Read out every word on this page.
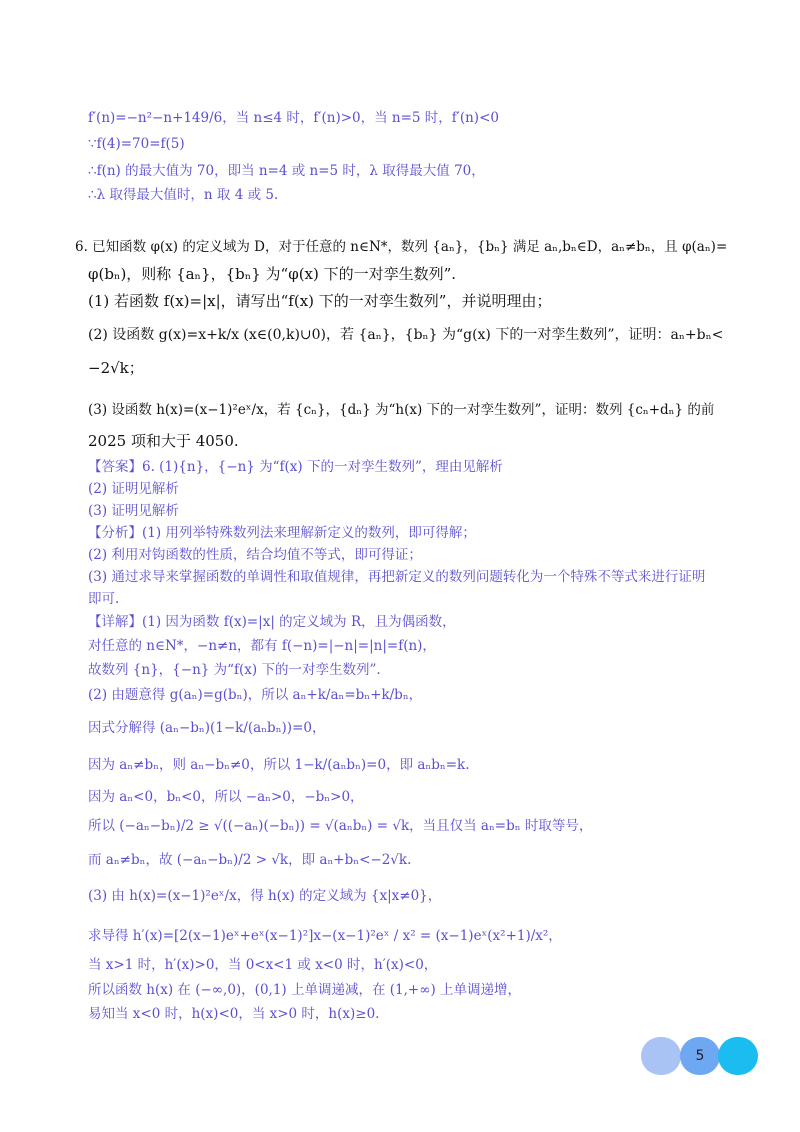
f′(n)=−n²−n+149/6，当 n≤4 时，f′(n)>0，当 n=5 时，f′(n)<0
∵f(4)=70=f(5)
∴f(n) 的最大值为 70，即当 n=4 或 n=5 时，λ 取得最大值 70，
∴λ 取得最大值时，n 取 4 或 5.
6. 已知函数 φ(x) 的定义域为 D，对于任意的 n∈N*，数列 {aₙ}，{bₙ} 满足 aₙ,bₙ∈D，aₙ≠bₙ，且 φ(aₙ)=
φ(bₙ)，则称 {aₙ}，{bₙ} 为“φ(x) 下的一对孪生数列”.
(1) 若函数 f(x)=|x|，请写出“f(x) 下的一对孪生数列”，并说明理由；
(2) 设函数 g(x)=x+k/x (x∈(0,k)∪0)，若 {aₙ}，{bₙ} 为“g(x) 下的一对孪生数列”，证明：aₙ+bₙ<
−2√k；
(3) 设函数 h(x)=(x−1)²eˣ/x，若 {cₙ}，{dₙ} 为“h(x) 下的一对孪生数列”，证明：数列 {cₙ+dₙ} 的前
2025 项和大于 4050.
【答案】6. (1){n}，{−n} 为“f(x) 下的一对孪生数列”，理由见解析
(2) 证明见解析
(3) 证明见解析
【分析】(1) 用列举特殊数列法来理解新定义的数列，即可得解；
(2) 利用对钩函数的性质，结合均值不等式，即可得证；
(3) 通过求导来掌握函数的单调性和取值规律，再把新定义的数列问题转化为一个特殊不等式来进行证明
即可.
【详解】(1) 因为函数 f(x)=|x| 的定义域为 R，且为偶函数，
对任意的 n∈N*，−n≠n，都有 f(−n)=|−n|=|n|=f(n)，
故数列 {n}，{−n} 为“f(x) 下的一对孪生数列”.
(2) 由题意得 g(aₙ)=g(bₙ)，所以 aₙ+k/aₙ=bₙ+k/bₙ，
因式分解得 (aₙ−bₙ)(1−k/(aₙbₙ))=0，
因为 aₙ≠bₙ，则 aₙ−bₙ≠0，所以 1−k/(aₙbₙ)=0，即 aₙbₙ=k.
因为 aₙ<0，bₙ<0，所以 −aₙ>0，−bₙ>0，
所以 (−aₙ−bₙ)/2 ≥ √((−aₙ)(−bₙ)) = √(aₙbₙ) = √k，当且仅当 aₙ=bₙ 时取等号，
而 aₙ≠bₙ，故 (−aₙ−bₙ)/2 > √k，即 aₙ+bₙ<−2√k.
(3) 由 h(x)=(x−1)²eˣ/x，得 h(x) 的定义域为 {x|x≠0}，
求导得 h′(x)=[2(x−1)eˣ+eˣ(x−1)²]x−(x−1)²eˣ / x² = (x−1)eˣ(x²+1)/x²，
当 x>1 时，h′(x)>0，当 0<x<1 或 x<0 时，h′(x)<0，
所以函数 h(x) 在 (−∞,0)，(0,1) 上单调递减，在 (1,+∞) 上单调递增，
易知当 x<0 时，h(x)<0，当 x>0 时，h(x)≥0.
5
